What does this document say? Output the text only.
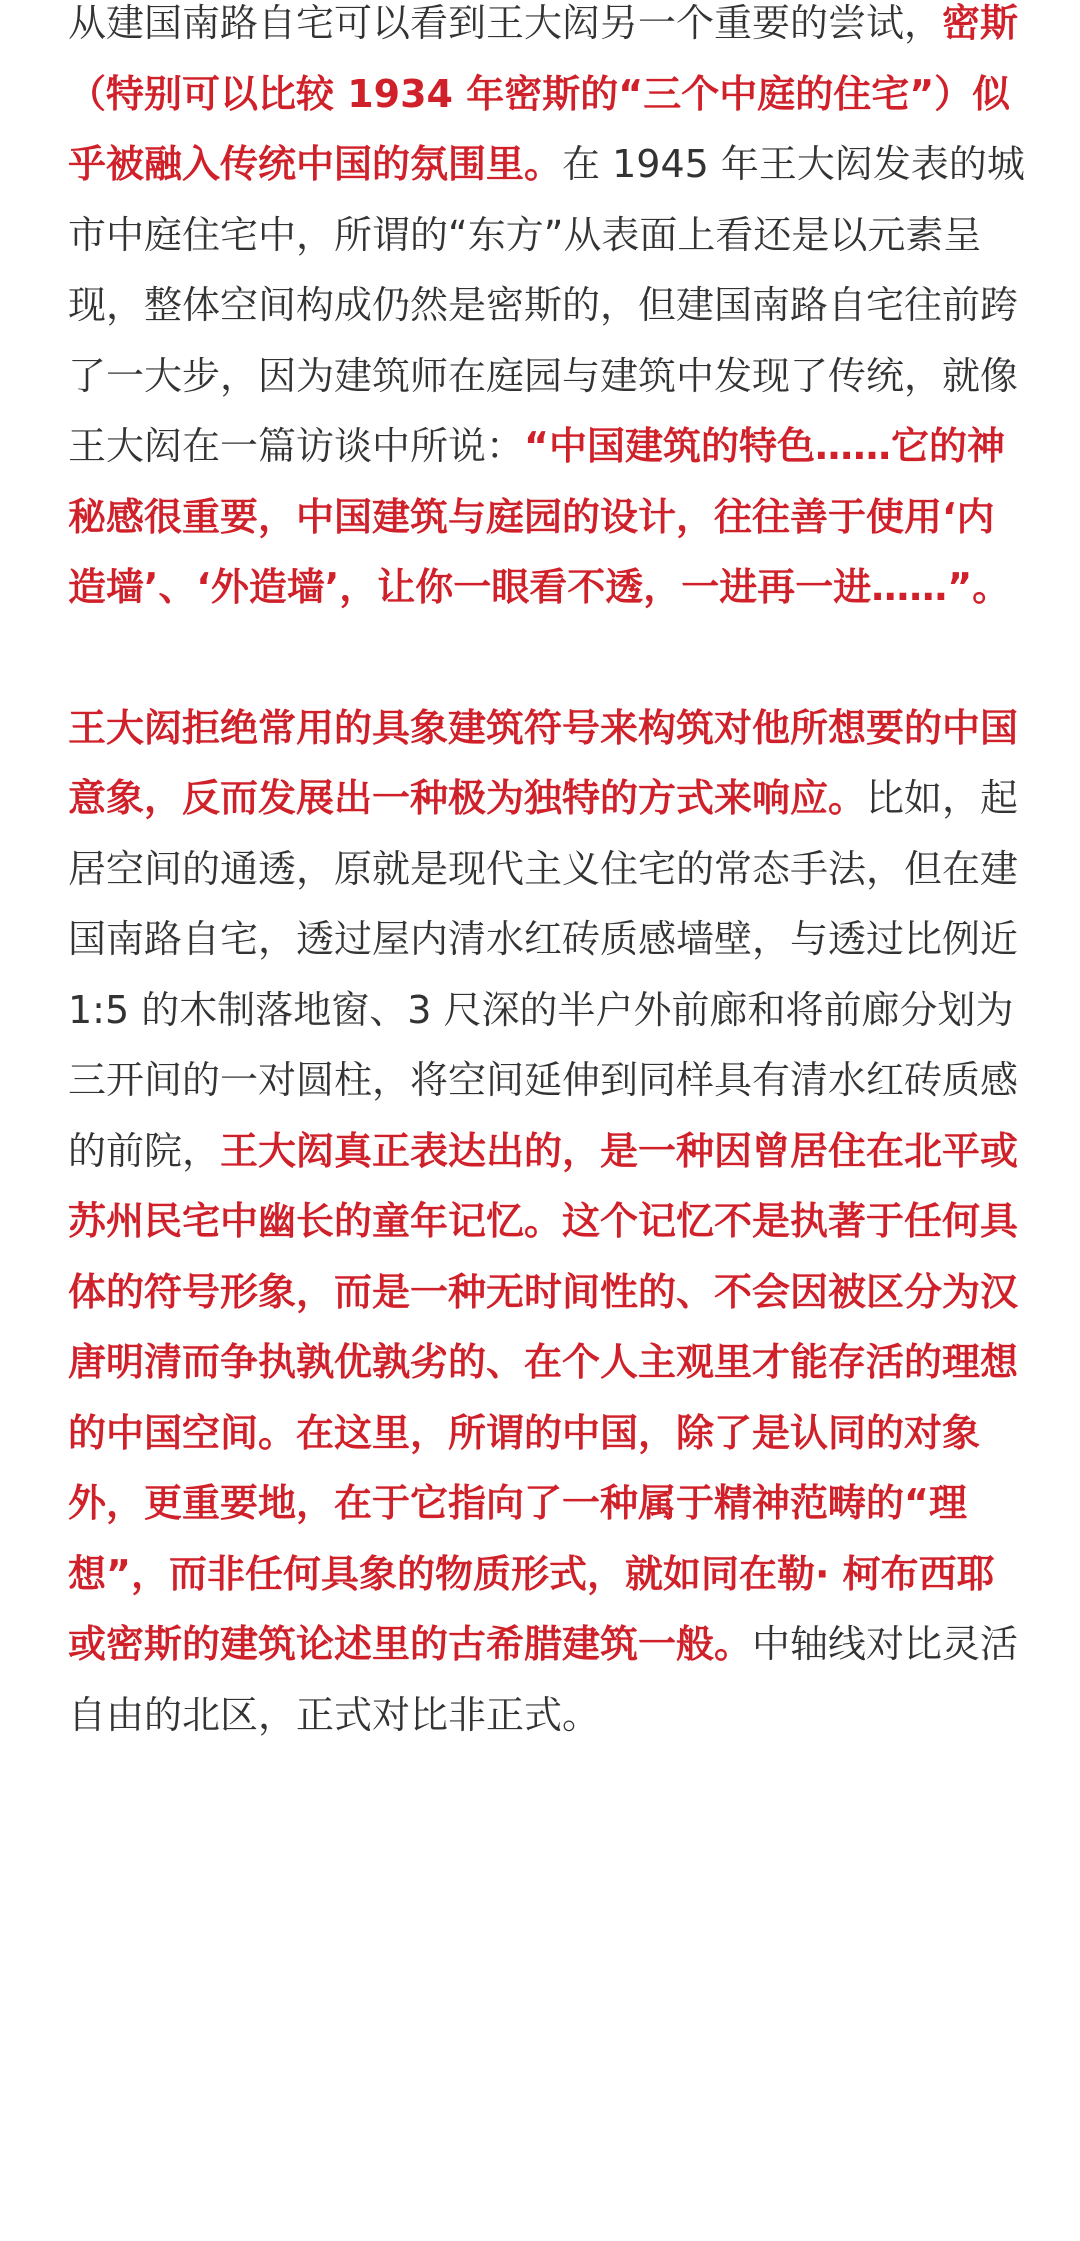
从建国南路自宅可以看到王大闳另一个重要的尝试，密斯（特别可以比较 1934 年密斯的“三个中庭的住宅”）似乎被融入传统中国的氛围里。在 1945 年王大闳发表的城市中庭住宅中，所谓的“东方”从表面上看还是以元素呈现，整体空间构成仍然是密斯的，但建国南路自宅往前跨了一大步，因为建筑师在庭园与建筑中发现了传统，就像王大闳在一篇访谈中所说：“中国建筑的特色……它的神秘感很重要，中国建筑与庭园的设计，往往善于使用‘内造墙’、‘外造墙’，让你一眼看不透，一进再一进……”。

王大闳拒绝常用的具象建筑符号来构筑对他所想要的中国意象，反而发展出一种极为独特的方式来响应。比如，起居空间的通透，原就是现代主义住宅的常态手法，但在建国南路自宅，透过屋内清水红砖质感墙壁，与透过比例近 1:5 的木制落地窗、3 尺深的半户外前廊和将前廊分划为三开间的一对圆柱，将空间延伸到同样具有清水红砖质感的前院，王大闳真正表达出的，是一种因曾居住在北平或苏州民宅中幽长的童年记忆。这个记忆不是执著于任何具体的符号形象，而是一种无时间性的、不会因被区分为汉唐明清而争执孰优孰劣的、在个人主观里才能存活的理想的中国空间。在这里，所谓的中国，除了是认同的对象外，更重要地，在于它指向了一种属于精神范畴的“理想”，而非任何具象的物质形式，就如同在勒· 柯布西耶或密斯的建筑论述里的古希腊建筑一般。中轴线对比灵活自由的北区，正式对比非正式。
